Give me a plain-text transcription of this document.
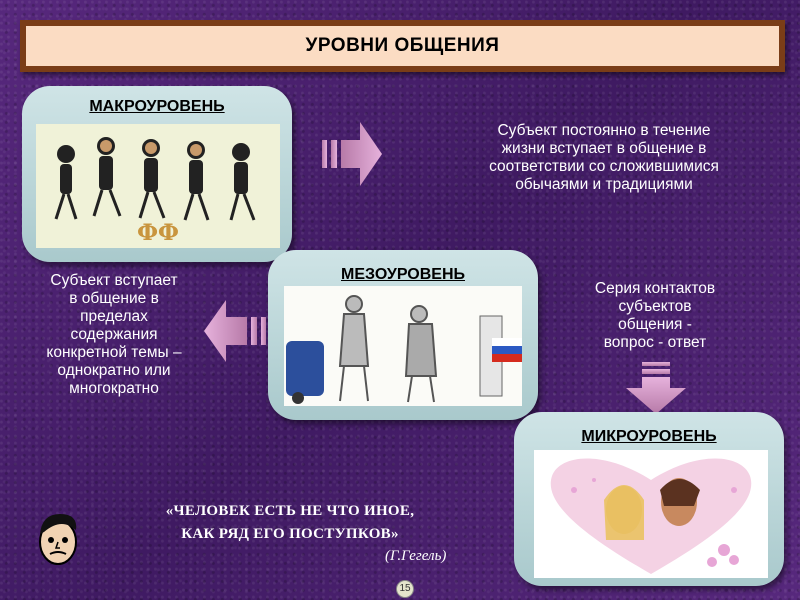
УРОВНИ ОБЩЕНИЯ
МАКРОУРОВЕНЬ
ФФ
Субъект постоянно в течение
жизни вступает в общение в
соответствии со сложившимися
обычаями и традициями
МЕЗОУРОВЕНЬ
Субъект вступает
в общение в
пределах
содержания
конкретной темы –
однократно или
многократно
Серия контактов
субъектов
общения -
вопрос - ответ
МИКРОУРОВЕНЬ
«ЧЕЛОВЕК ЕСТЬ НЕ ЧТО ИНОЕ,
КАК РЯД ЕГО ПОСТУПКОВ»
(Г.Гегель)
15
